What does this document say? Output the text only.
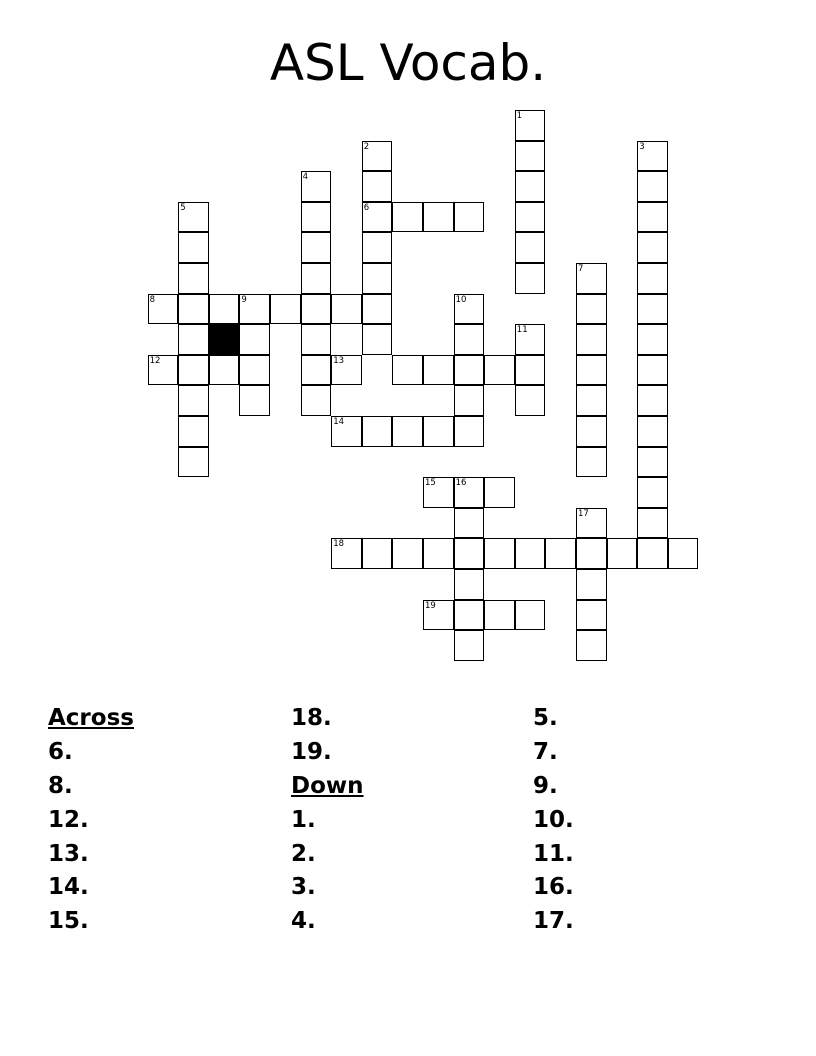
ASL Vocab.
1
2
6
3
4
5
7
8	9
12
10
11
13
14
15 16
17
18
19
Across
6.
8.
12.
13.
14.
15.
18.
19.
Down
1.
2.
3.
4.
5.
7.
9.
10.
11.
16.
17.
